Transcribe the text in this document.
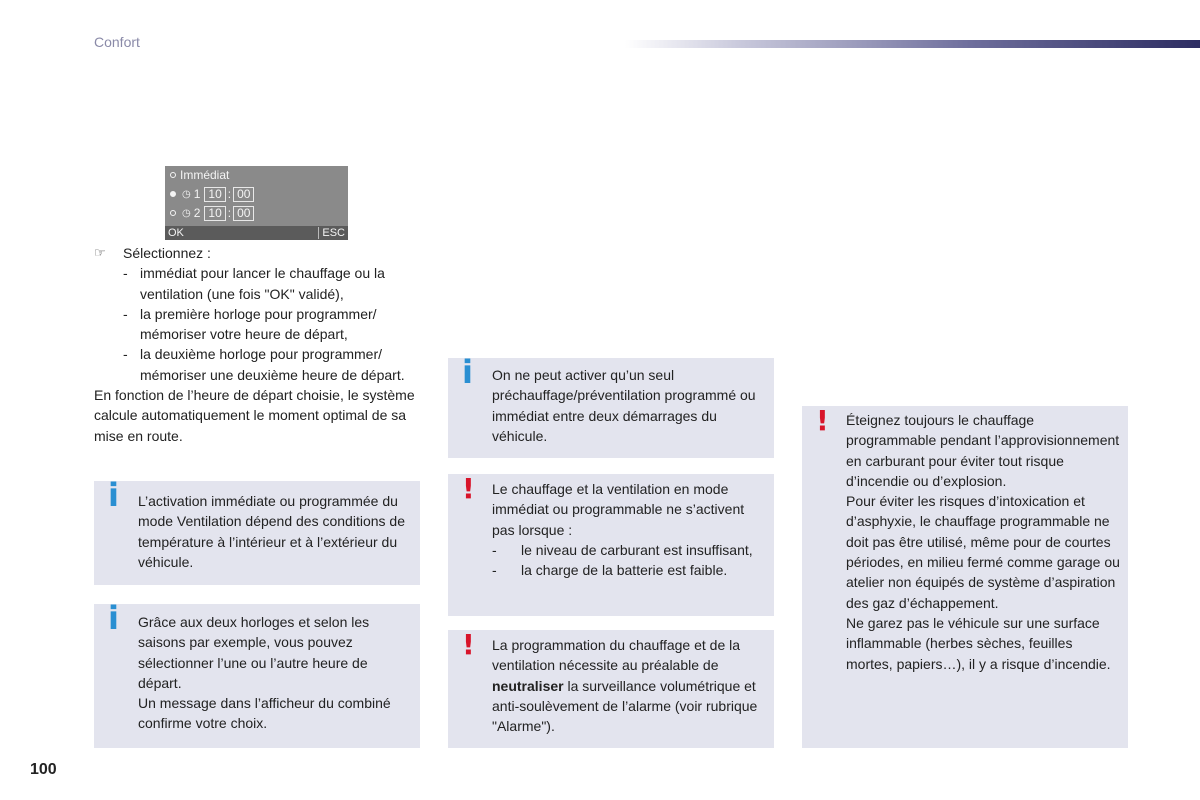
Confort
Immédiat
◷ 1 10 : 00
◷ 2 10 : 00
OK	ESC
☞ Sélectionnez :
- immédiat pour lancer le chauffage ou la ventilation (une fois "OK" validé),
- la première horloge pour programmer/ mémoriser votre heure de départ,
- la deuxième horloge pour programmer/ mémoriser une deuxième heure de départ.

En fonction de l’heure de départ choisie, le système calcule automatiquement le moment optimal de sa mise en route.

i L’activation immédiate ou programmée du mode Ventilation dépend des conditions de température à l’intérieur et à l’extérieur du véhicule.

i Grâce aux deux horloges et selon les saisons par exemple, vous pouvez sélectionner l’une ou l’autre heure de départ.

Un message dans l’afficheur du combiné confirme votre choix.

i On ne peut activer qu’un seul préchauffage/préventilation programmé ou immédiat entre deux démarrages du véhicule.

! Le chauffage et la ventilation en mode immédiat ou programmable ne s’activent pas lorsque :

- le niveau de carburant est insuffisant,
- la charge de la batterie est faible.
! La programmation du chauffage et de la ventilation nécessite au préalable de neutraliser la surveillance volumétrique et anti-soulèvement de l’alarme (voir rubrique "Alarme").

! Éteignez toujours le chauffage programmable pendant l’approvisionnement en carburant pour éviter tout risque d’incendie ou d’explosion.

Pour éviter les risques d’intoxication et d’asphyxie, le chauffage programmable ne doit pas être utilisé, même pour de courtes périodes, en milieu fermé comme garage ou atelier non équipés de système d’aspiration des gaz d’échappement.

Ne garez pas le véhicule sur une surface inflammable (herbes sèches, feuilles mortes, papiers…), il y a risque d’incendie.

100
